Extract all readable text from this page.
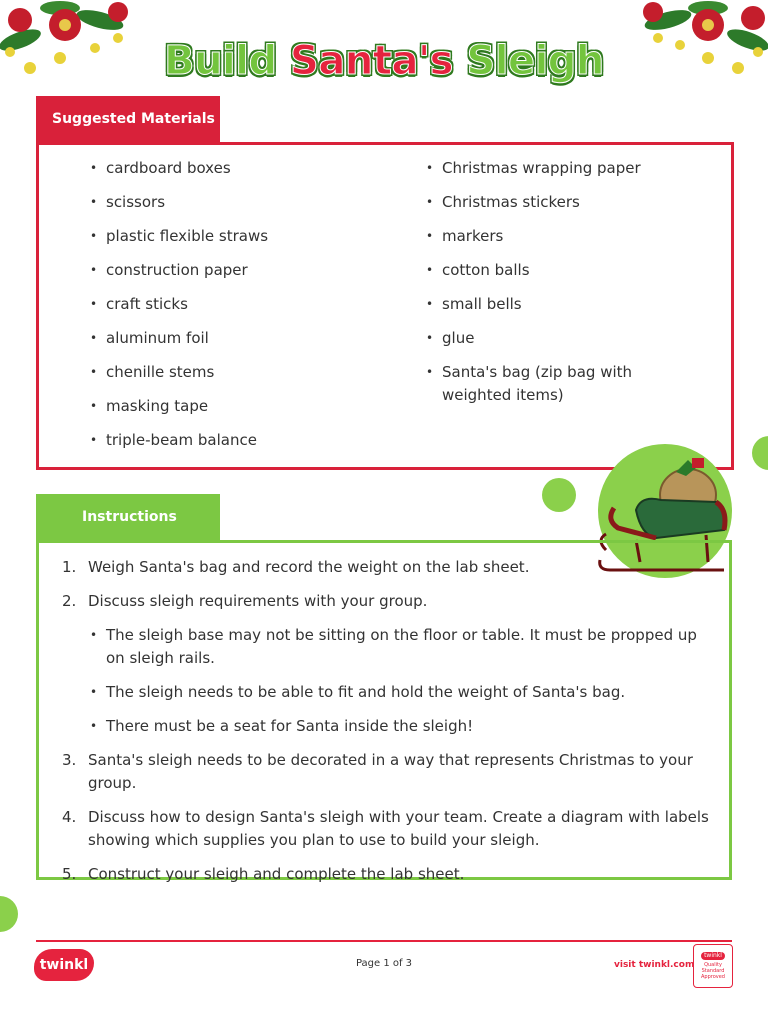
Build Santa's Sleigh
Suggested Materials
• cardboard boxes
• scissors
• plastic flexible straws
• construction paper
• craft sticks
• aluminum foil
• chenille stems
• masking tape
• triple-beam balance
• Christmas wrapping paper
• Christmas stickers
• markers
• cotton balls
• small bells
• glue
• Santa's bag (zip bag with weighted items)
Instructions
1. Weigh Santa's bag and record the weight on the lab sheet.
2. Discuss sleigh requirements with your group.
• The sleigh base may not be sitting on the floor or table. It must be propped up on sleigh rails.
• The sleigh needs to be able to fit and hold the weight of Santa's bag.
• There must be a seat for Santa inside the sleigh!
3. Santa's sleigh needs to be decorated in a way that represents Christmas to your group.
4. Discuss how to design Santa's sleigh with your team. Create a diagram with labels showing which supplies you plan to use to build your sleigh.
5. Construct your sleigh and complete the lab sheet.
twinkl	Page 1 of 3	visit twinkl.com
twinkl
Quality Standard Approved
